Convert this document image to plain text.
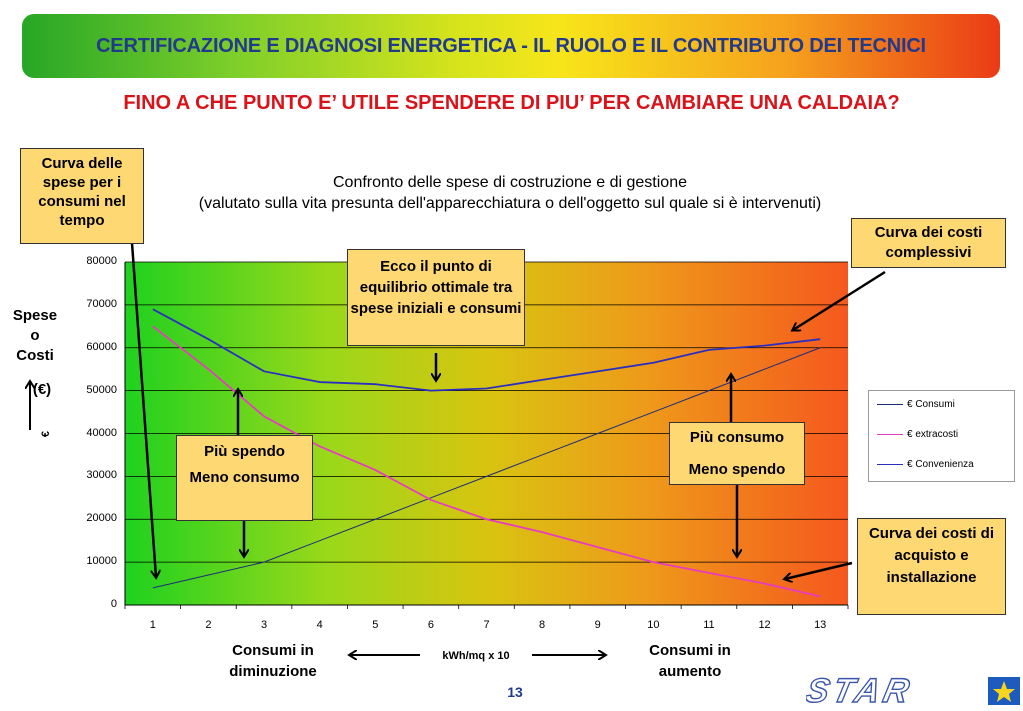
CERTIFICAZIONE E DIAGNOSI ENERGETICA - IL RUOLO E IL CONTRIBUTO DEI TECNICI
FINO A CHE PUNTO E’ UTILE SPENDERE DI PIU’ PER CAMBIARE UNA CALDAIA?
Confronto delle spese di costruzione e di gestione
(valutato sulla vita presunta dell'apparecchiatura o dell'oggetto sul quale si è intervenuti)
0
10000
20000
30000
40000
50000
60000
70000
80000
1	2	3	4	5	6	7	8	9	10	11	12	13
Curva delle spese per i consumi nel tempo
Curva dei costi complessivi
Ecco il punto di equilibrio ottimale tra spese iniziali e consumi
Più spendo
Meno consumo
Più consumo
Meno spendo
Curva dei costi di acquisto e installazione
€ Consumi
€ extracosti
€ Convenienza
Spese
o
Costi
(€)
€
Consumi in diminuzione
kWh/mq x 10	Consumi in aumento
13	STAR
